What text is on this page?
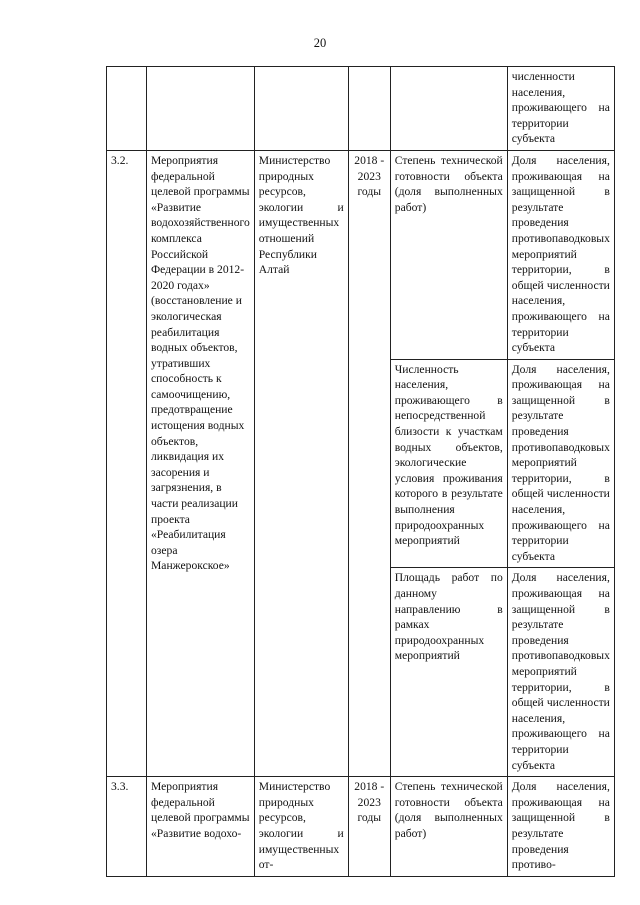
20
					численности населения, проживающего на территории субъекта
3.2.	Мероприятия федеральной целевой программы «Развитие водохозяйственного комплекса Российской Федерации в 2012-2020 годах» (восстановление и экологическая реабилитация водных объектов, утративших способность к самоочищению, предотвращение истощения водных объектов, ликвидация их засорения и загрязнения, в части реализации проекта «Реабилитация озера Манжерокское»	Министерство природных ресурсов, экологии и имущественных отношений Республики Алтай	2018 - 2023 годы	Степень технической готовности объекта (доля выполненных работ)	Доля населения, проживающая на защищенной в результате проведения противопаводковых мероприятий территории, в общей численности населения, проживающего на территории субъекта
				Численность населения, проживающего в непосредственной близости к участкам водных объектов, экологические условия проживания которого в результате выполнения природоохранных мероприятий	Доля населения, проживающая на защищенной в результате проведения противопаводковых мероприятий территории, в общей численности населения, проживающего на территории субъекта
				Площадь работ по данному направлению в рамках природоохранных мероприятий	Доля населения, проживающая на защищенной в результате проведения противопаводковых мероприятий территории, в общей численности населения, проживающего на территории субъекта
3.3.	Мероприятия федеральной целевой программы «Развитие водохо-	Министерство природных ресурсов, экологии и имущественных от-	2018 - 2023 годы	Степень технической готовности объекта (доля выполненных работ)	Доля населения, проживающая на защищенной в результате проведения противо-
